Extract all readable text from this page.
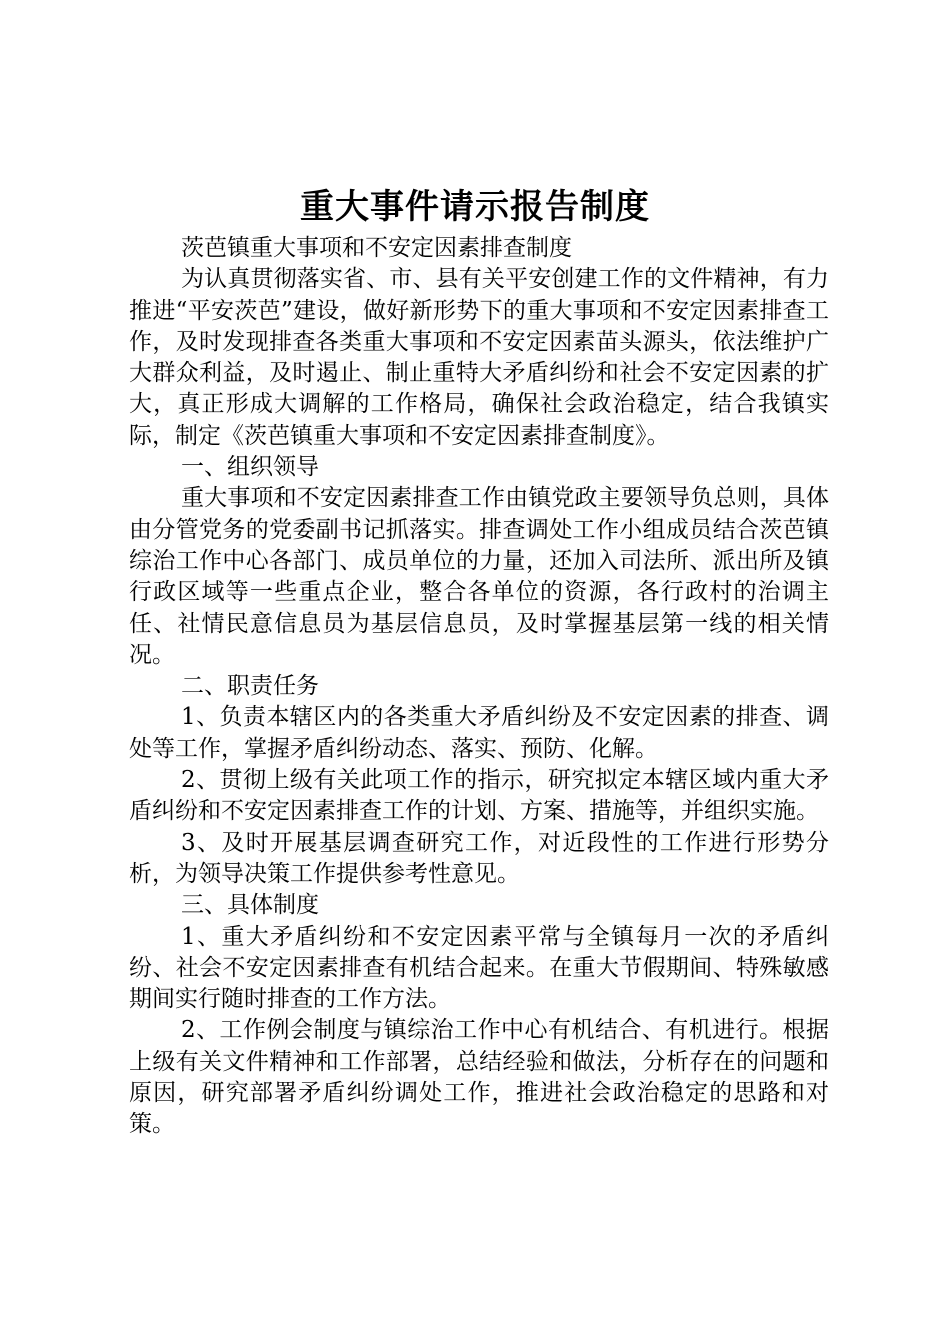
重大事件请示报告制度

茨芭镇重大事项和不安定因素排查制度

为认真贯彻落实省、市、县有关平安创建工作的文件精神，有力推进“平安茨芭”建设，做好新形势下的重大事项和不安定因素排查工作，及时发现排查各类重大事项和不安定因素苗头源头，依法维护广大群众利益，及时遏止、制止重特大矛盾纠纷和社会不安定因素的扩大，真正形成大调解的工作格局，确保社会政治稳定，结合我镇实际，制定《茨芭镇重大事项和不安定因素排查制度》。

一、组织领导

重大事项和不安定因素排查工作由镇党政主要领导负总则，具体由分管党务的党委副书记抓落实。排查调处工作小组成员结合茨芭镇综治工作中心各部门、成员单位的力量，还加入司法所、派出所及镇行政区域等一些重点企业，整合各单位的资源，各行政村的治调主任、社情民意信息员为基层信息员，及时掌握基层第一线的相关情况。

二、职责任务

1、负责本辖区内的各类重大矛盾纠纷及不安定因素的排查、调处等工作，掌握矛盾纠纷动态、落实、预防、化解。

2、贯彻上级有关此项工作的指示，研究拟定本辖区域内重大矛盾纠纷和不安定因素排查工作的计划、方案、措施等，并组织实施。

3、及时开展基层调查研究工作，对近段性的工作进行形势分析，为领导决策工作提供参考性意见。

三、具体制度

1、重大矛盾纠纷和不安定因素平常与全镇每月一次的矛盾纠纷、社会不安定因素排查有机结合起来。在重大节假期间、特殊敏感期间实行随时排查的工作方法。

2、工作例会制度与镇综治工作中心有机结合、有机进行。根据上级有关文件精神和工作部署，总结经验和做法，分析存在的问题和原因，研究部署矛盾纠纷调处工作，推进社会政治稳定的思路和对策。
